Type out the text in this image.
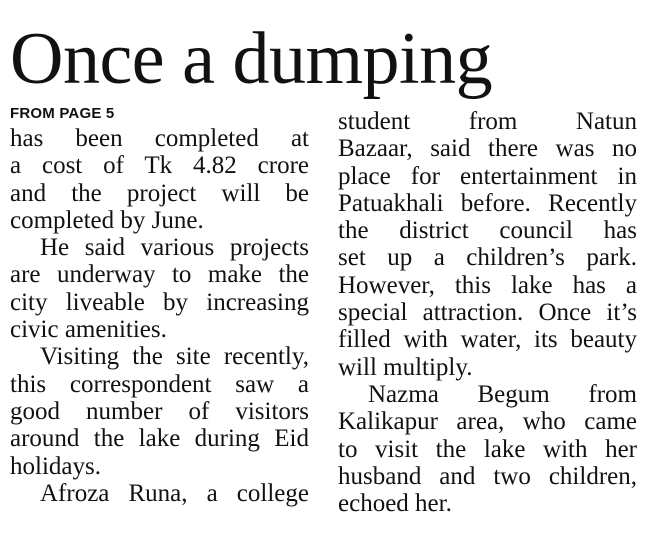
Once a dumping
FROM PAGE 5
has been completed at
a cost of Tk 4.82 crore
and the project will be
completed by June.
He said various projects
are underway to make the
city liveable by increasing
civic amenities.
Visiting the site recently,
this correspondent saw a
good number of visitors
around the lake during Eid
holidays.
Afroza Runa, a college
student from Natun
Bazaar, said there was no
place for entertainment in
Patuakhali before. Recently
the district council has
set up a children’s park.
However, this lake has a
special attraction. Once it’s
filled with water, its beauty
will multiply.
Nazma Begum from
Kalikapur area, who came
to visit the lake with her
husband and two children,
echoed her.
